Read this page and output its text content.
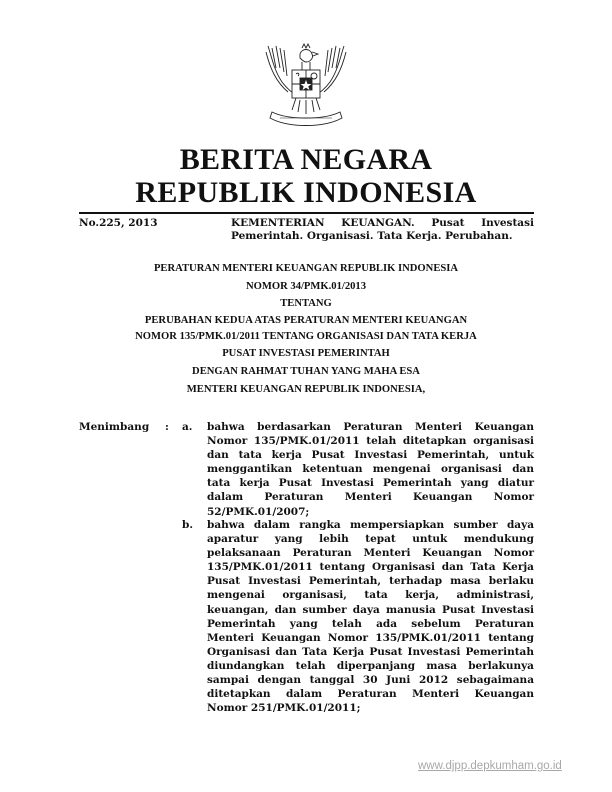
BERITA NEGARA
REPUBLIK INDONESIA
No.225, 2013	KEMENTERIAN KEUANGAN. Pusat Investasi
Pemerintah. Organisasi. Tata Kerja. Perubahan.
PERATURAN MENTERI KEUANGAN REPUBLIK INDONESIA
NOMOR 34/PMK.01/2013
TENTANG
PERUBAHAN KEDUA ATAS PERATURAN MENTERI KEUANGAN
NOMOR 135/PMK.01/2011 TENTANG ORGANISASI DAN TATA KERJA
PUSAT INVESTASI PEMERINTAH
DENGAN RAHMAT TUHAN YANG MAHA ESA
MENTERI KEUANGAN REPUBLIK INDONESIA,
Menimbang : a. bahwa berdasarkan Peraturan Menteri Keuangan
Nomor 135/PMK.01/2011 telah ditetapkan organisasi
dan tata kerja Pusat Investasi Pemerintah, untuk
menggantikan ketentuan mengenai organisasi dan
tata kerja Pusat Investasi Pemerintah yang diatur
dalam Peraturan Menteri Keuangan Nomor
52/PMK.01/2007;
b. bahwa dalam rangka mempersiapkan sumber daya
aparatur yang lebih tepat untuk mendukung
pelaksanaan Peraturan Menteri Keuangan Nomor
135/PMK.01/2011 tentang Organisasi dan Tata Kerja
Pusat Investasi Pemerintah, terhadap masa berlaku
mengenai organisasi, tata kerja, administrasi,
keuangan, dan sumber daya manusia Pusat Investasi
Pemerintah yang telah ada sebelum Peraturan
Menteri Keuangan Nomor 135/PMK.01/2011 tentang
Organisasi dan Tata Kerja Pusat Investasi Pemerintah
diundangkan telah diperpanjang masa berlakunya
sampai dengan tanggal 30 Juni 2012 sebagaimana
ditetapkan dalam Peraturan Menteri Keuangan
Nomor 251/PMK.01/2011;
www.djpp.depkumham.go.id
